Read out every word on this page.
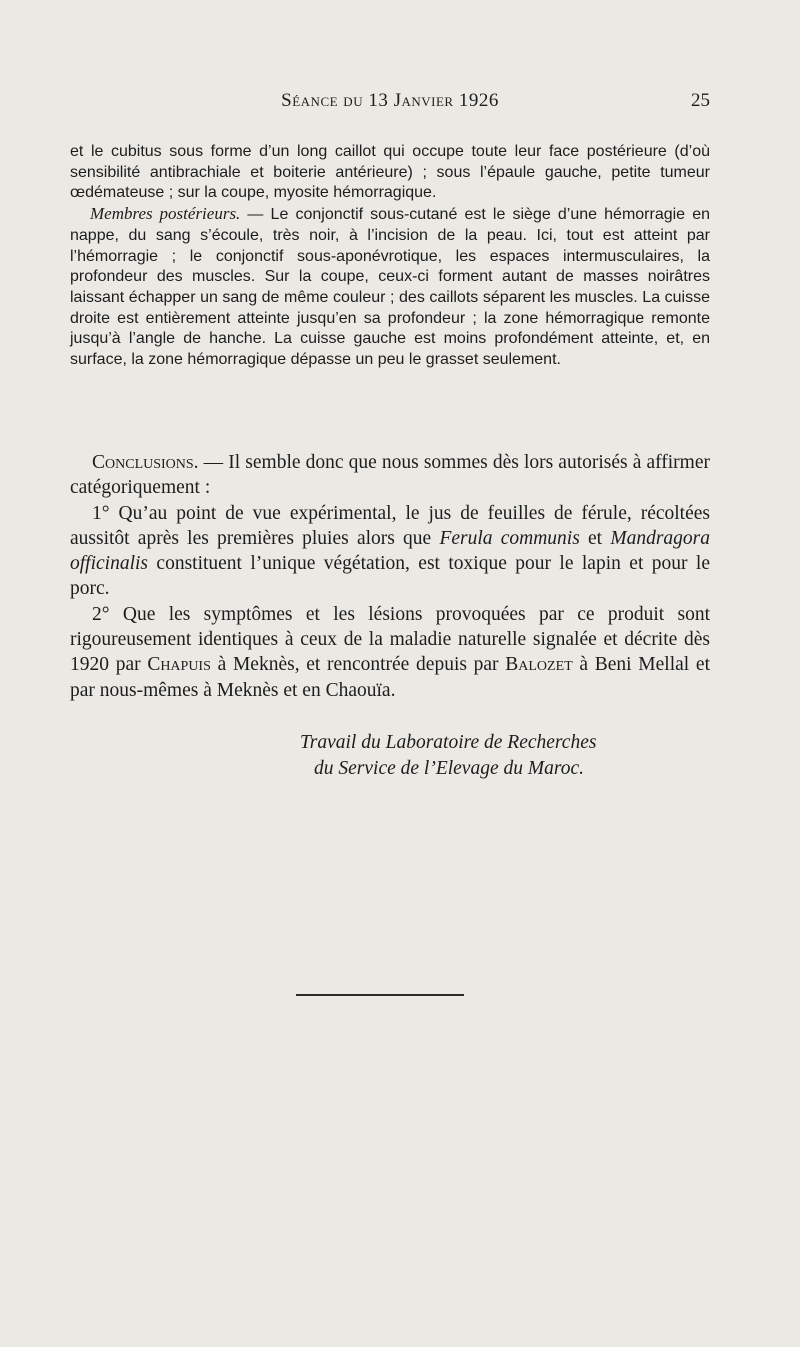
Séance du 13 Janvier 1926	25

et le cubitus sous forme d’un long caillot qui occupe toute leur face postérieure (d’où sensibilité antibrachiale et boiterie antérieure) ; sous l’épaule gauche, petite tumeur œdémateuse ; sur la coupe, myosite hémorragique.

Membres postérieurs. — Le conjonctif sous-cutané est le siège d’une hémorragie en nappe, du sang s’écoule, très noir, à l’incision de la peau. Ici, tout est atteint par l’hémorragie ; le conjonctif sous-aponévrotique, les espaces intermusculaires, la profondeur des muscles. Sur la coupe, ceux-ci forment autant de masses noirâtres laissant échapper un sang de même couleur ; des caillots séparent les muscles. La cuisse droite est entièrement atteinte jusqu’en sa profondeur ; la zone hémorragique remonte jusqu’à l’angle de hanche. La cuisse gauche est moins profondément atteinte, et, en surface, la zone hémorragique dépasse un peu le grasset seulement.

Conclusions. — Il semble donc que nous sommes dès lors autorisés à affirmer catégoriquement :

1° Qu’au point de vue expérimental, le jus de feuilles de férule, récoltées aussitôt après les premières pluies alors que Ferula communis et Mandragora officinalis constituent l’unique végétation, est toxique pour le lapin et pour le porc.

2° Que les symptômes et les lésions provoquées par ce produit sont rigoureusement identiques à ceux de la maladie naturelle signalée et décrite dès 1920 par Chapuis à Meknès, et rencontrée depuis par Balozet à Beni Mellal et par nous-mêmes à Meknès et en Chaouïa.

Travail du Laboratoire de Recherches
du Service de l’Elevage du Maroc.
